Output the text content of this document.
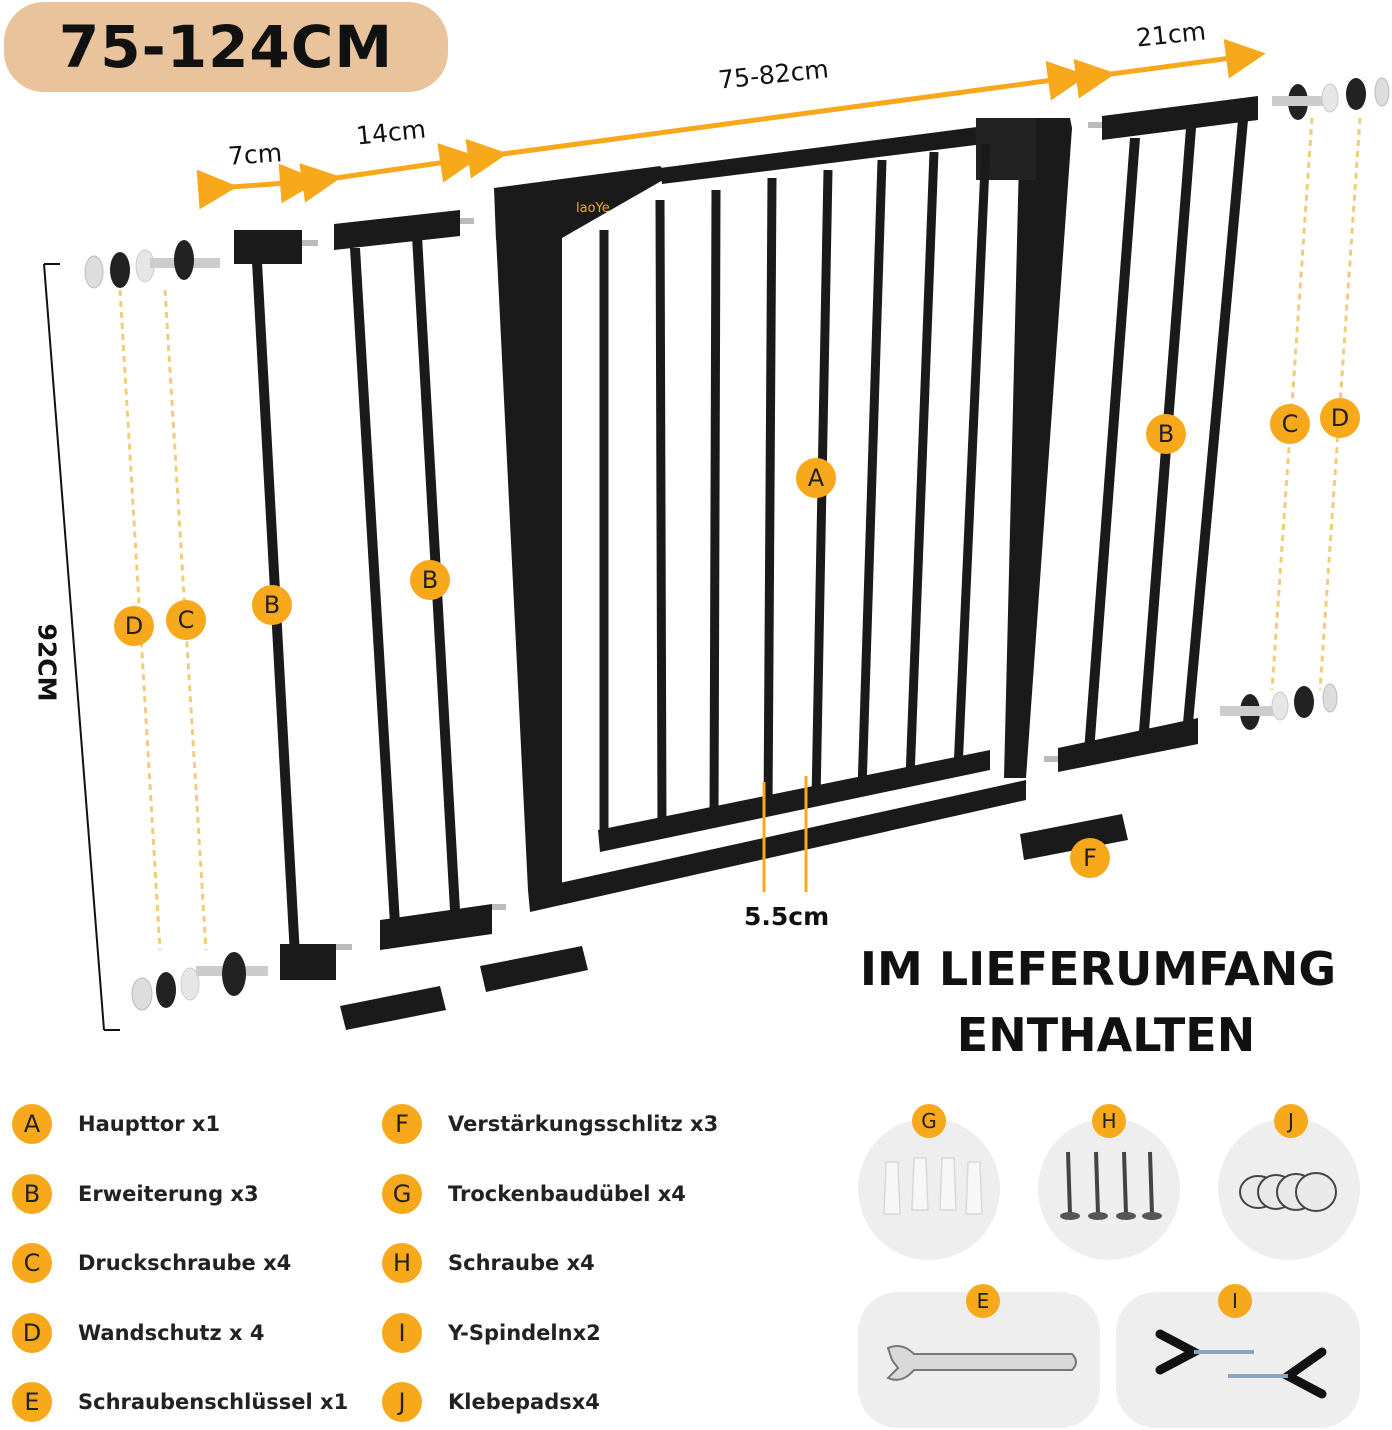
75-124CM
laoYe
7cm
14cm
75-82cm
21cm
92CM
5.5cm
A
B
B
B
D	C
C	D
F
IM LIEFERUMFANG
ENTHALTEN
A	Haupttor x1
B	Erweiterung x3
C	Druckschraube x4
D	Wandschutz x 4
E	Schraubenschlüssel x1
F	Verstärkungsschlitz x3
G	Trockenbaudübel x4
H	Schraube x4
I	Y-Spindelnx2
J	Klebepadsx4
G	H	J
E	I
